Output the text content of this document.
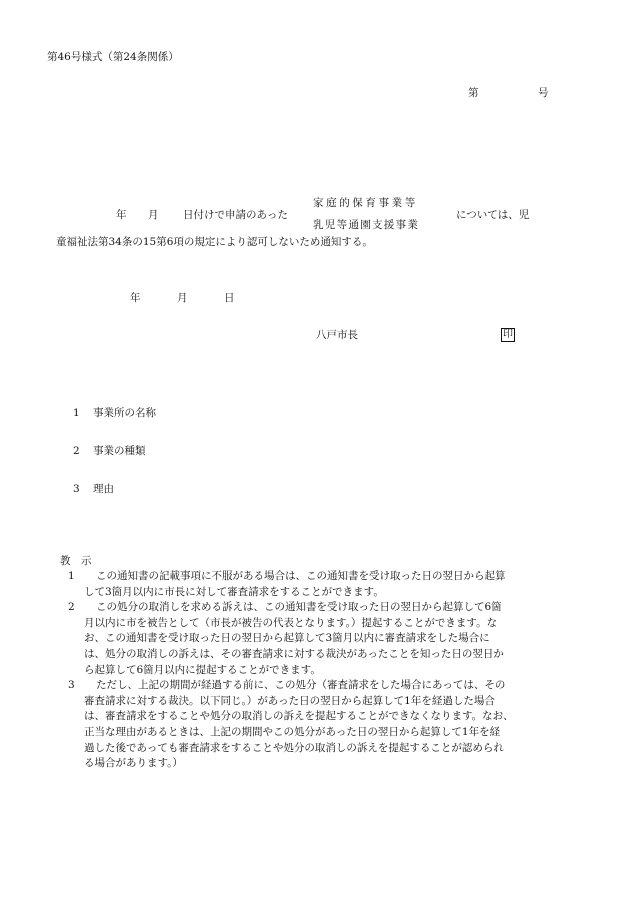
第46号様式（第24条関係）
第	号
年 月 日付けで申請のあった
家庭的保育事業等
乳児等通園支援事業
については、児
童福祉法第34条の15第6項の規定により認可しないため通知する。
年	月	日
八戸市長	印
1 事業所の名称
2 事業の種類
3 理由
教　示
1	この通知書の記載事項に不服がある場合は、この通知書を受け取った日の翌日から起算
して3箇月以内に市長に対して審査請求をすることができます。
2	この処分の取消しを求める訴えは、この通知書を受け取った日の翌日から起算して6箇
月以内に市を被告として（市長が被告の代表となります。）提起することができます。な
お、この通知書を受け取った日の翌日から起算して3箇月以内に審査請求をした場合に
は、処分の取消しの訴えは、その審査請求に対する裁決があったことを知った日の翌日か
ら起算して6箇月以内に提起することができます。
3	ただし、上記の期間が経過する前に、この処分（審査請求をした場合にあっては、その
審査請求に対する裁決。以下同じ。）があった日の翌日から起算して1年を経過した場合
は、審査請求をすることや処分の取消しの訴えを提起することができなくなります。なお、
正当な理由があるときは、上記の期間やこの処分があった日の翌日から起算して1年を経
過した後であっても審査請求をすることや処分の取消しの訴えを提起することが認められ
る場合があります。）
